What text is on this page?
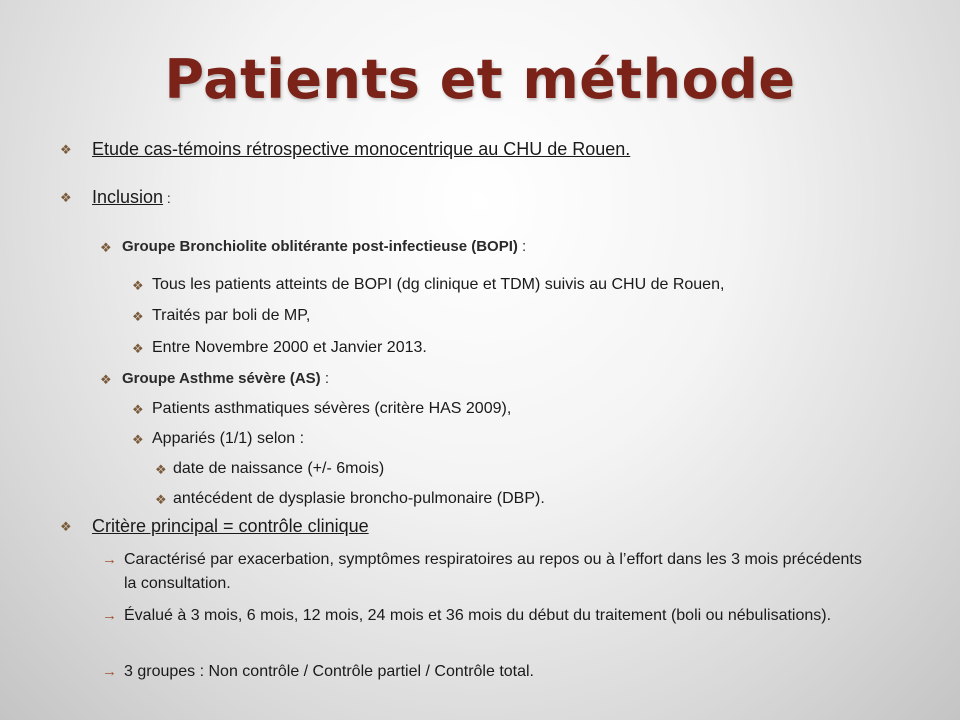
Patients et méthode
❖	Etude cas-témoins rétrospective monocentrique au CHU de Rouen.
❖	Inclusion :
❖ Groupe Bronchiolite oblitérante post-infectieuse (BOPI) :
❖ Tous les patients atteints de BOPI (dg clinique et TDM) suivis au CHU de Rouen,
❖ Traités par boli de MP,
❖ Entre Novembre 2000 et Janvier 2013.
❖ Groupe Asthme sévère (AS) :
❖ Patients asthmatiques sévères (critère HAS 2009),
❖ Appariés (1/1) selon :
❖ date de naissance (+/- 6mois)
❖ antécédent de dysplasie broncho-pulmonaire (DBP).
❖	Critère principal = contrôle clinique
→ Caractérisé par exacerbation, symptômes respiratoires au repos ou à l’effort dans les 3 mois précédents la consultation.
→ Évalué à 3 mois, 6 mois, 12 mois, 24 mois et 36 mois du début du traitement (boli ou nébulisations).
→ 3 groupes : Non contrôle / Contrôle partiel / Contrôle total.
